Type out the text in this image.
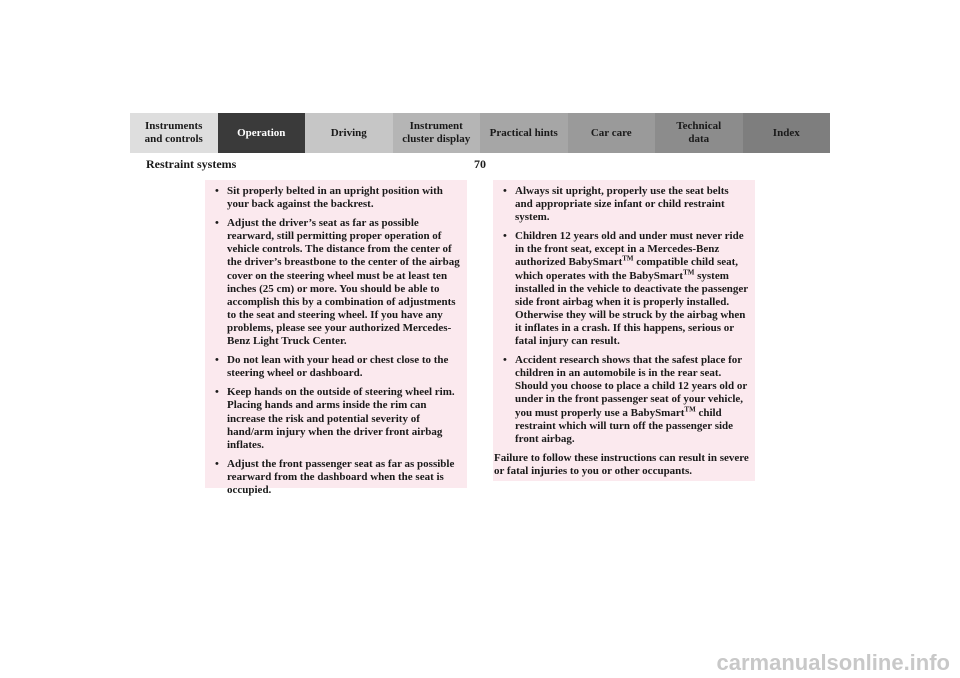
Instruments
and controls
Operation	Driving
Instrument
cluster display
Practical hints	Car care
Technical
data
Index
70
Restraint systems
• Sit properly belted in an upright position with your back against the backrest.
• Adjust the driver’s seat as far as possible rearward, still permitting proper operation of vehicle controls. The distance from the center of the driver’s breastbone to the center of the airbag cover on the steering wheel must be at least ten inches (25 cm) or more. You should be able to accomplish this by a combination of adjustments to the seat and steering wheel. If you have any problems, please see your authorized Mercedes-Benz Light Truck Center.
• Do not lean with your head or chest close to the steering wheel or dashboard.
• Keep hands on the outside of steering wheel rim. Placing hands and arms inside the rim can increase the risk and potential severity of hand/arm injury when the driver front airbag inflates.
• Adjust the front passenger seat as far as possible rearward from the dashboard when the seat is occupied.
• Always sit upright, properly use the seat belts and appropriate size infant or child restraint system.
• Children 12 years old and under must never ride in the front seat, except in a Mercedes-Benz authorized BabySmart™ compatible child seat, which operates with the BabySmart™ system installed in the vehicle to deactivate the passenger side front airbag when it is properly installed. Otherwise they will be struck by the airbag when it inflates in a crash. If this happens, serious or fatal injury can result.
• Accident research shows that the safest place for children in an automobile is in the rear seat. Should you choose to place a child 12 years old or under in the front passenger seat of your vehicle, you must properly use a BabySmart™ child restraint which will turn off the passenger side front airbag.
Failure to follow these instructions can result in severe or fatal injuries to you or other occupants.
carmanualsonline.info
